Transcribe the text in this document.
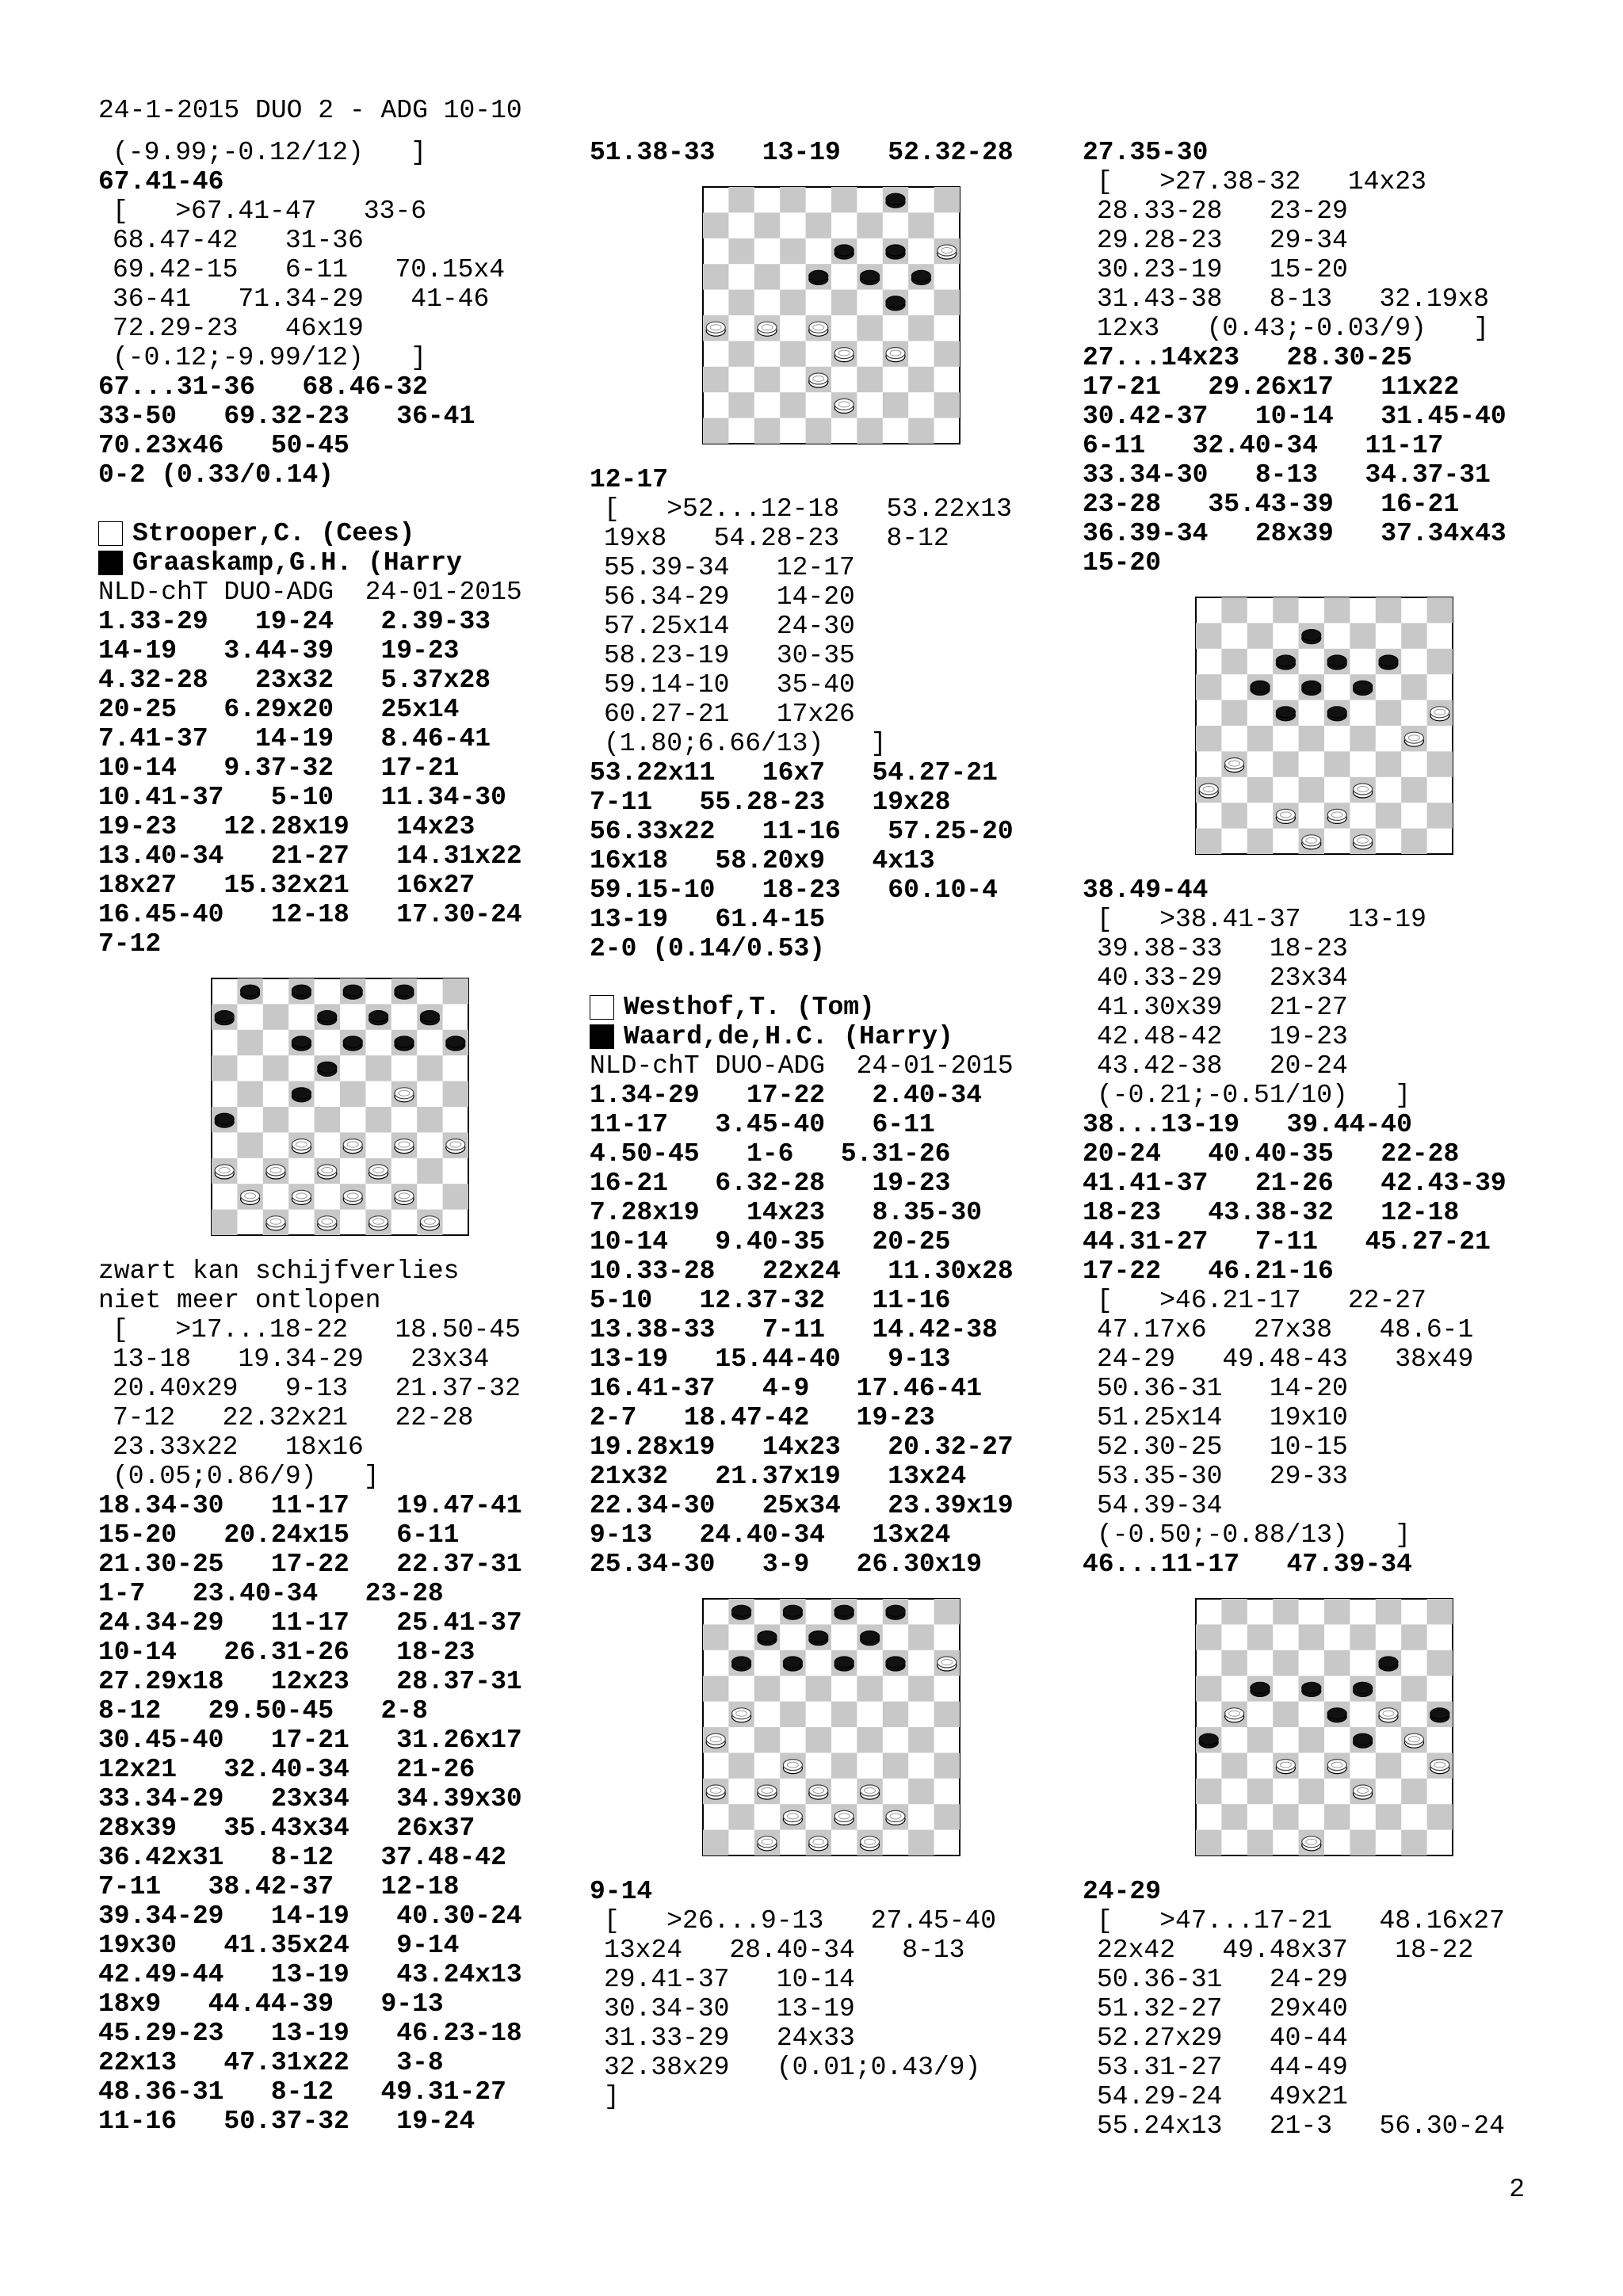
24-1-2015 DUO 2 - ADG 10-10
(-9.99;-0.12/12)   ]
67.41-46
[   >67.41-47   33-6
68.47-42   31-36
69.42-15   6-11   70.15x4
36-41   71.34-29   41-46
72.29-23   46x19
(-0.12;-9.99/12)   ]
67...31-36   68.46-32
33-50   69.32-23   36-41
70.23x46   50-45
0-2 (0.33/0.14)
Strooper,C. (Cees)
Graaskamp,G.H. (Harry
NLD-chT DUO-ADG  24-01-2015
1.33-29   19-24   2.39-33
14-19   3.44-39   19-23
4.32-28   23x32   5.37x28
20-25   6.29x20   25x14
7.41-37   14-19   8.46-41
10-14   9.37-32   17-21
10.41-37   5-10   11.34-30
19-23   12.28x19   14x23
13.40-34   21-27   14.31x22
18x27   15.32x21   16x27
16.45-40   12-18   17.30-24
7-12
zwart kan schijfverlies
niet meer ontlopen
[   >17...18-22   18.50-45
13-18   19.34-29   23x34
20.40x29   9-13   21.37-32
7-12   22.32x21   22-28
23.33x22   18x16
(0.05;0.86/9)   ]
18.34-30   11-17   19.47-41
15-20   20.24x15   6-11
21.30-25   17-22   22.37-31
1-7   23.40-34   23-28
24.34-29   11-17   25.41-37
10-14   26.31-26   18-23
27.29x18   12x23   28.37-31
8-12   29.50-45   2-8
30.45-40   17-21   31.26x17
12x21   32.40-34   21-26
33.34-29   23x34   34.39x30
28x39   35.43x34   26x37
36.42x31   8-12   37.48-42
7-11   38.42-37   12-18
39.34-29   14-19   40.30-24
19x30   41.35x24   9-14
42.49-44   13-19   43.24x13
18x9   44.44-39   9-13
45.29-23   13-19   46.23-18
22x13   47.31x22   3-8
48.36-31   8-12   49.31-27
11-16   50.37-32   19-24
51.38-33   13-19   52.32-28
12-17
[   >52...12-18   53.22x13
19x8   54.28-23   8-12
55.39-34   12-17
56.34-29   14-20
57.25x14   24-30
58.23-19   30-35
59.14-10   35-40
60.27-21   17x26
(1.80;6.66/13)   ]
53.22x11   16x7   54.27-21
7-11   55.28-23   19x28
56.33x22   11-16   57.25-20
16x18   58.20x9   4x13
59.15-10   18-23   60.10-4
13-19   61.4-15
2-0 (0.14/0.53)
Westhof,T. (Tom)
Waard,de,H.C. (Harry)
NLD-chT DUO-ADG  24-01-2015
1.34-29   17-22   2.40-34
11-17   3.45-40   6-11
4.50-45   1-6   5.31-26
16-21   6.32-28   19-23
7.28x19   14x23   8.35-30
10-14   9.40-35   20-25
10.33-28   22x24   11.30x28
5-10   12.37-32   11-16
13.38-33   7-11   14.42-38
13-19   15.44-40   9-13
16.41-37   4-9   17.46-41
2-7   18.47-42   19-23
19.28x19   14x23   20.32-27
21x32   21.37x19   13x24
22.34-30   25x34   23.39x19
9-13   24.40-34   13x24
25.34-30   3-9   26.30x19
9-14
[   >26...9-13   27.45-40
13x24   28.40-34   8-13
29.41-37   10-14
30.34-30   13-19
31.33-29   24x33
32.38x29   (0.01;0.43/9)
]
27.35-30
[   >27.38-32   14x23
28.33-28   23-29
29.28-23   29-34
30.23-19   15-20
31.43-38   8-13   32.19x8
12x3   (0.43;-0.03/9)   ]
27...14x23   28.30-25
17-21   29.26x17   11x22
30.42-37   10-14   31.45-40
6-11   32.40-34   11-17
33.34-30   8-13   34.37-31
23-28   35.43-39   16-21
36.39-34   28x39   37.34x43
15-20
38.49-44
[   >38.41-37   13-19
39.38-33   18-23
40.33-29   23x34
41.30x39   21-27
42.48-42   19-23
43.42-38   20-24
(-0.21;-0.51/10)   ]
38...13-19   39.44-40
20-24   40.40-35   22-28
41.41-37   21-26   42.43-39
18-23   43.38-32   12-18
44.31-27   7-11   45.27-21
17-22   46.21-16
[   >46.21-17   22-27
47.17x6   27x38   48.6-1
24-29   49.48-43   38x49
50.36-31   14-20
51.25x14   19x10
52.30-25   10-15
53.35-30   29-33
54.39-34
(-0.50;-0.88/13)   ]
46...11-17   47.39-34
24-29
[   >47...17-21   48.16x27
22x42   49.48x37   18-22
50.36-31   24-29
51.32-27   29x40
52.27x29   40-44
53.31-27   44-49
54.29-24   49x21
55.24x13   21-3   56.30-24
2
